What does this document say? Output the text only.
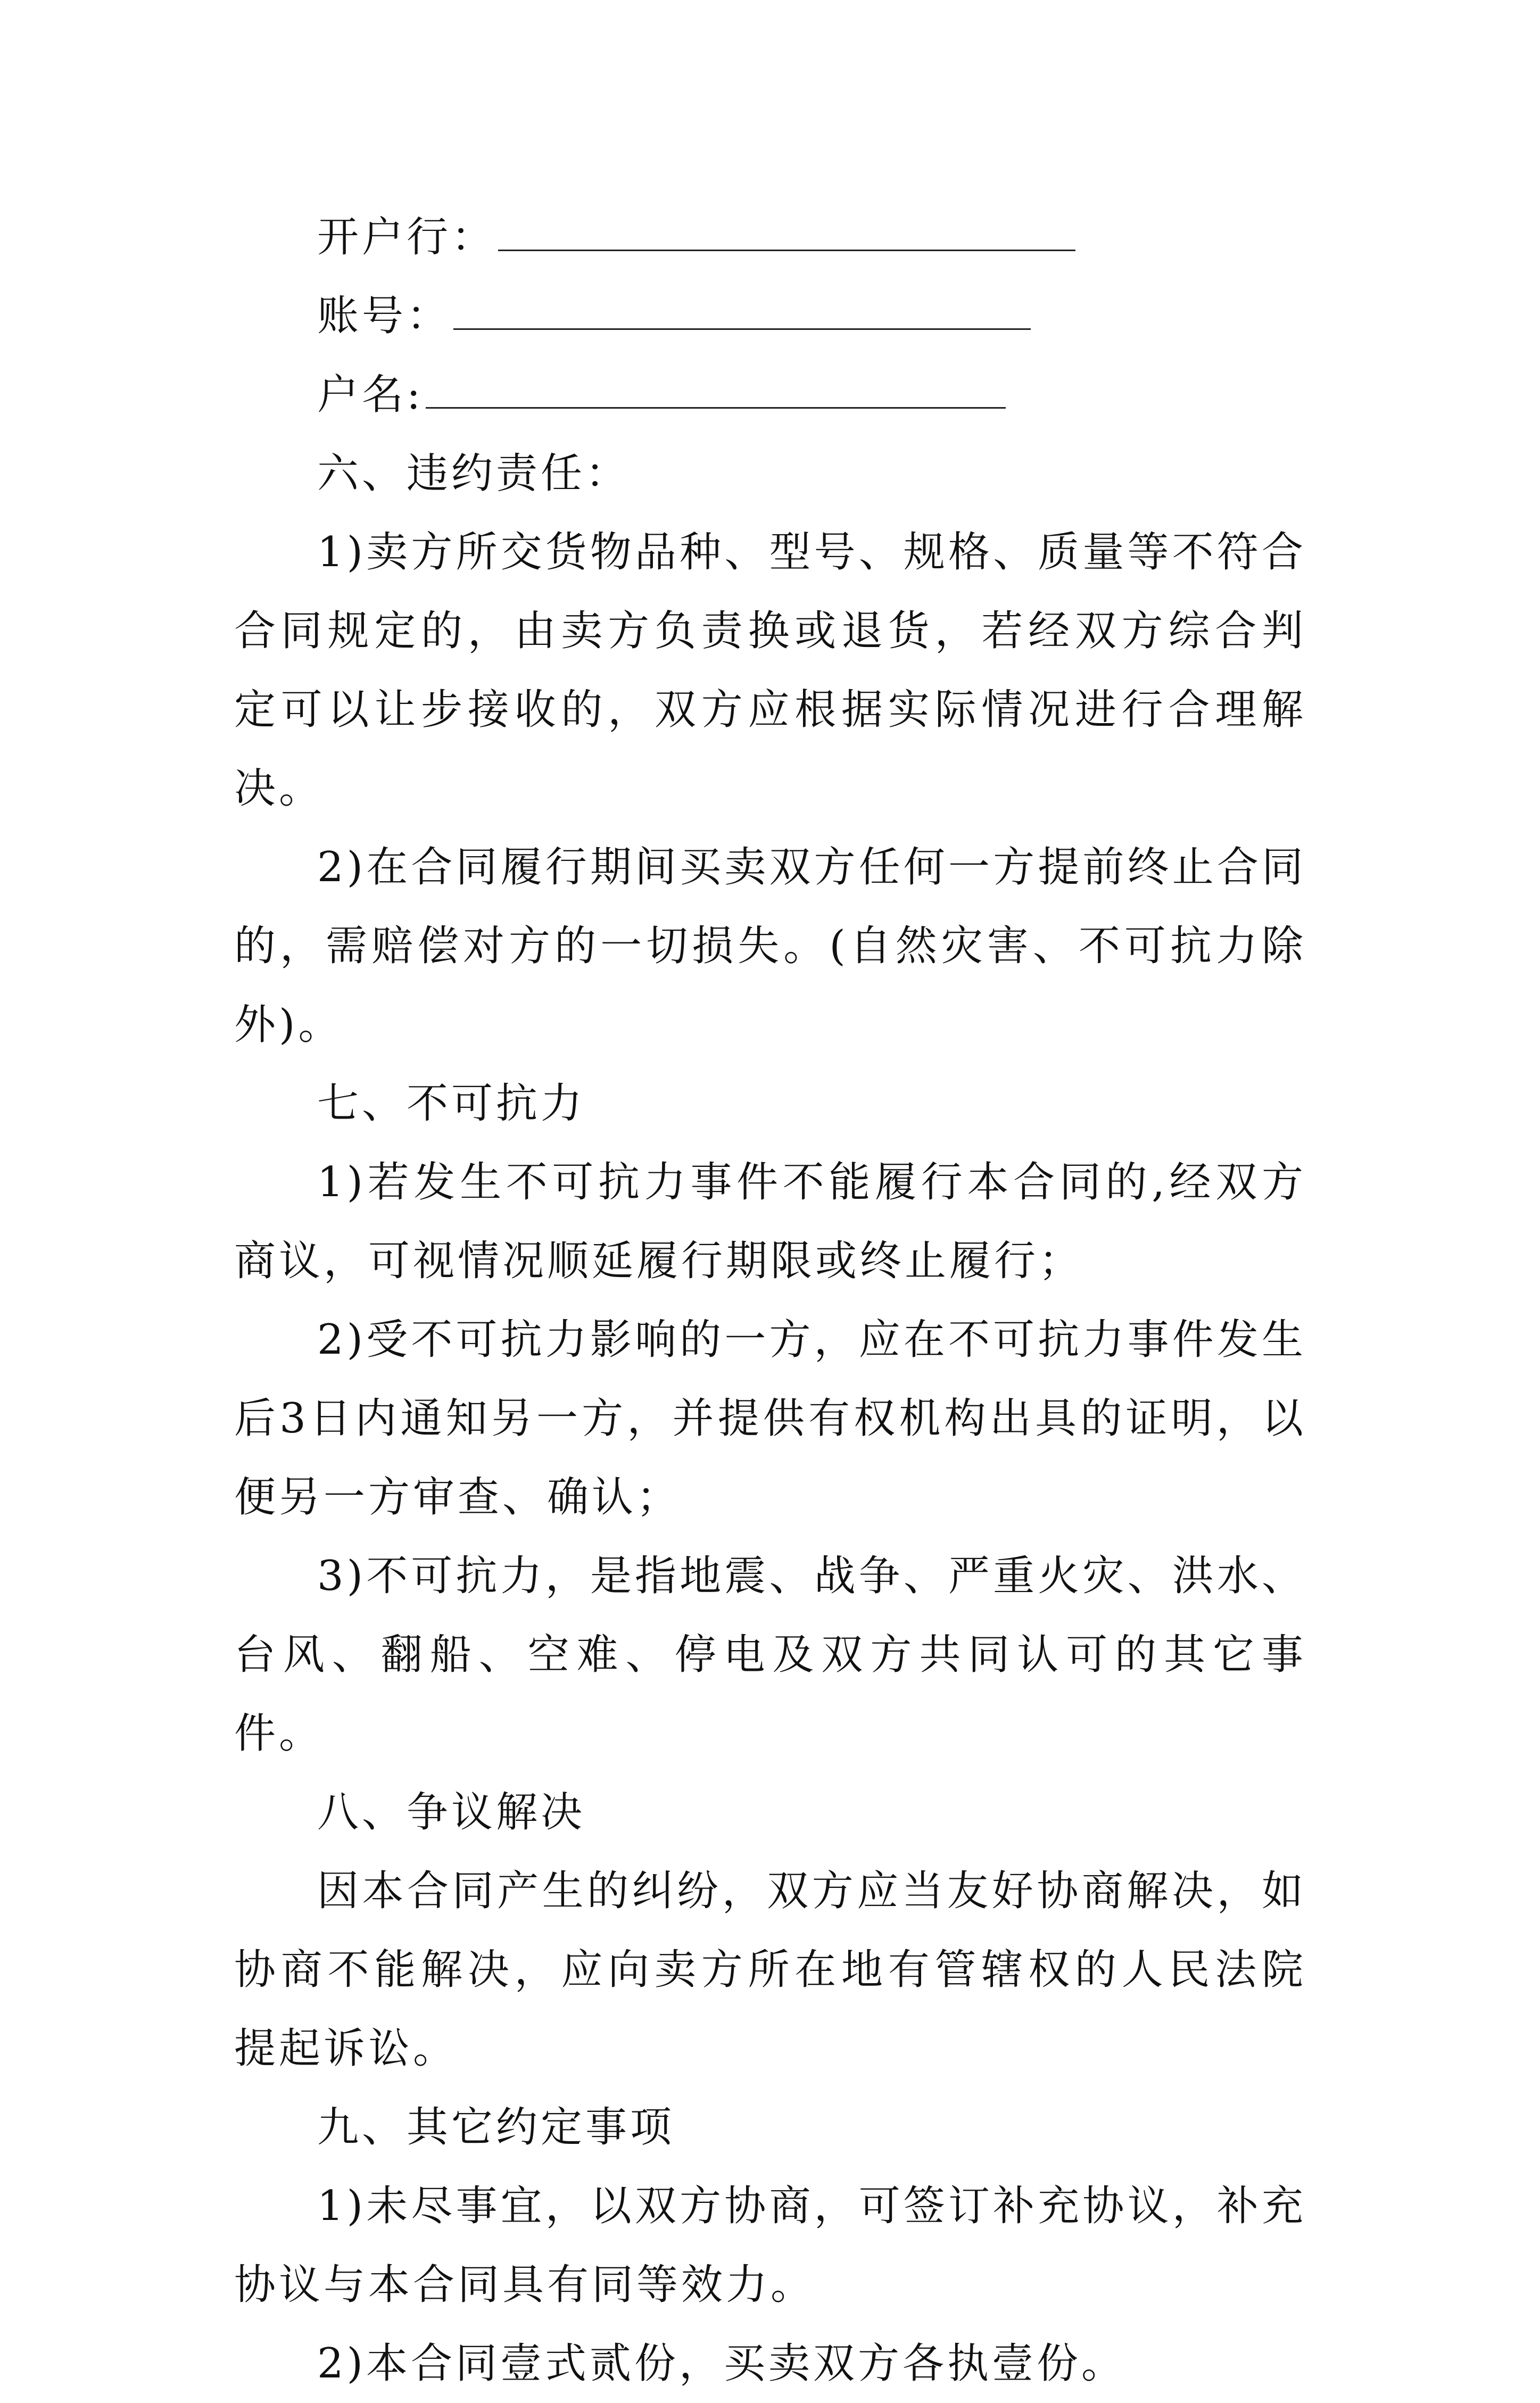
开户行：
账号：
户名:

六、违约责任：

1)卖方所交货物品种、型号、规格、质量等不符合合同规定的，由卖方负责换或退货，若经双方综合判定可以让步接收的，双方应根据实际情况进行合理解决。

2)在合同履行期间买卖双方任何一方提前终止合同的，需赔偿对方的一切损失。(自然灾害、不可抗力除外)。

七、不可抗力

1)若发生不可抗力事件不能履行本合同的,经双方商议，可视情况顺延履行期限或终止履行；

2)受不可抗力影响的一方，应在不可抗力事件发生后3日内通知另一方，并提供有权机构出具的证明，以便另一方审查、确认；

3)不可抗力，是指地震、战争、严重火灾、洪水、台风、翻船、空难、停电及双方共同认可的其它事件。

八、争议解决

因本合同产生的纠纷，双方应当友好协商解决，如协商不能解决，应向卖方所在地有管辖权的人民法院提起诉讼。

九、其它约定事项

1)未尽事宜，以双方协商，可签订补充协议，补充协议与本合同具有同等效力。

2)本合同壹式贰份，买卖双方各执壹份。
